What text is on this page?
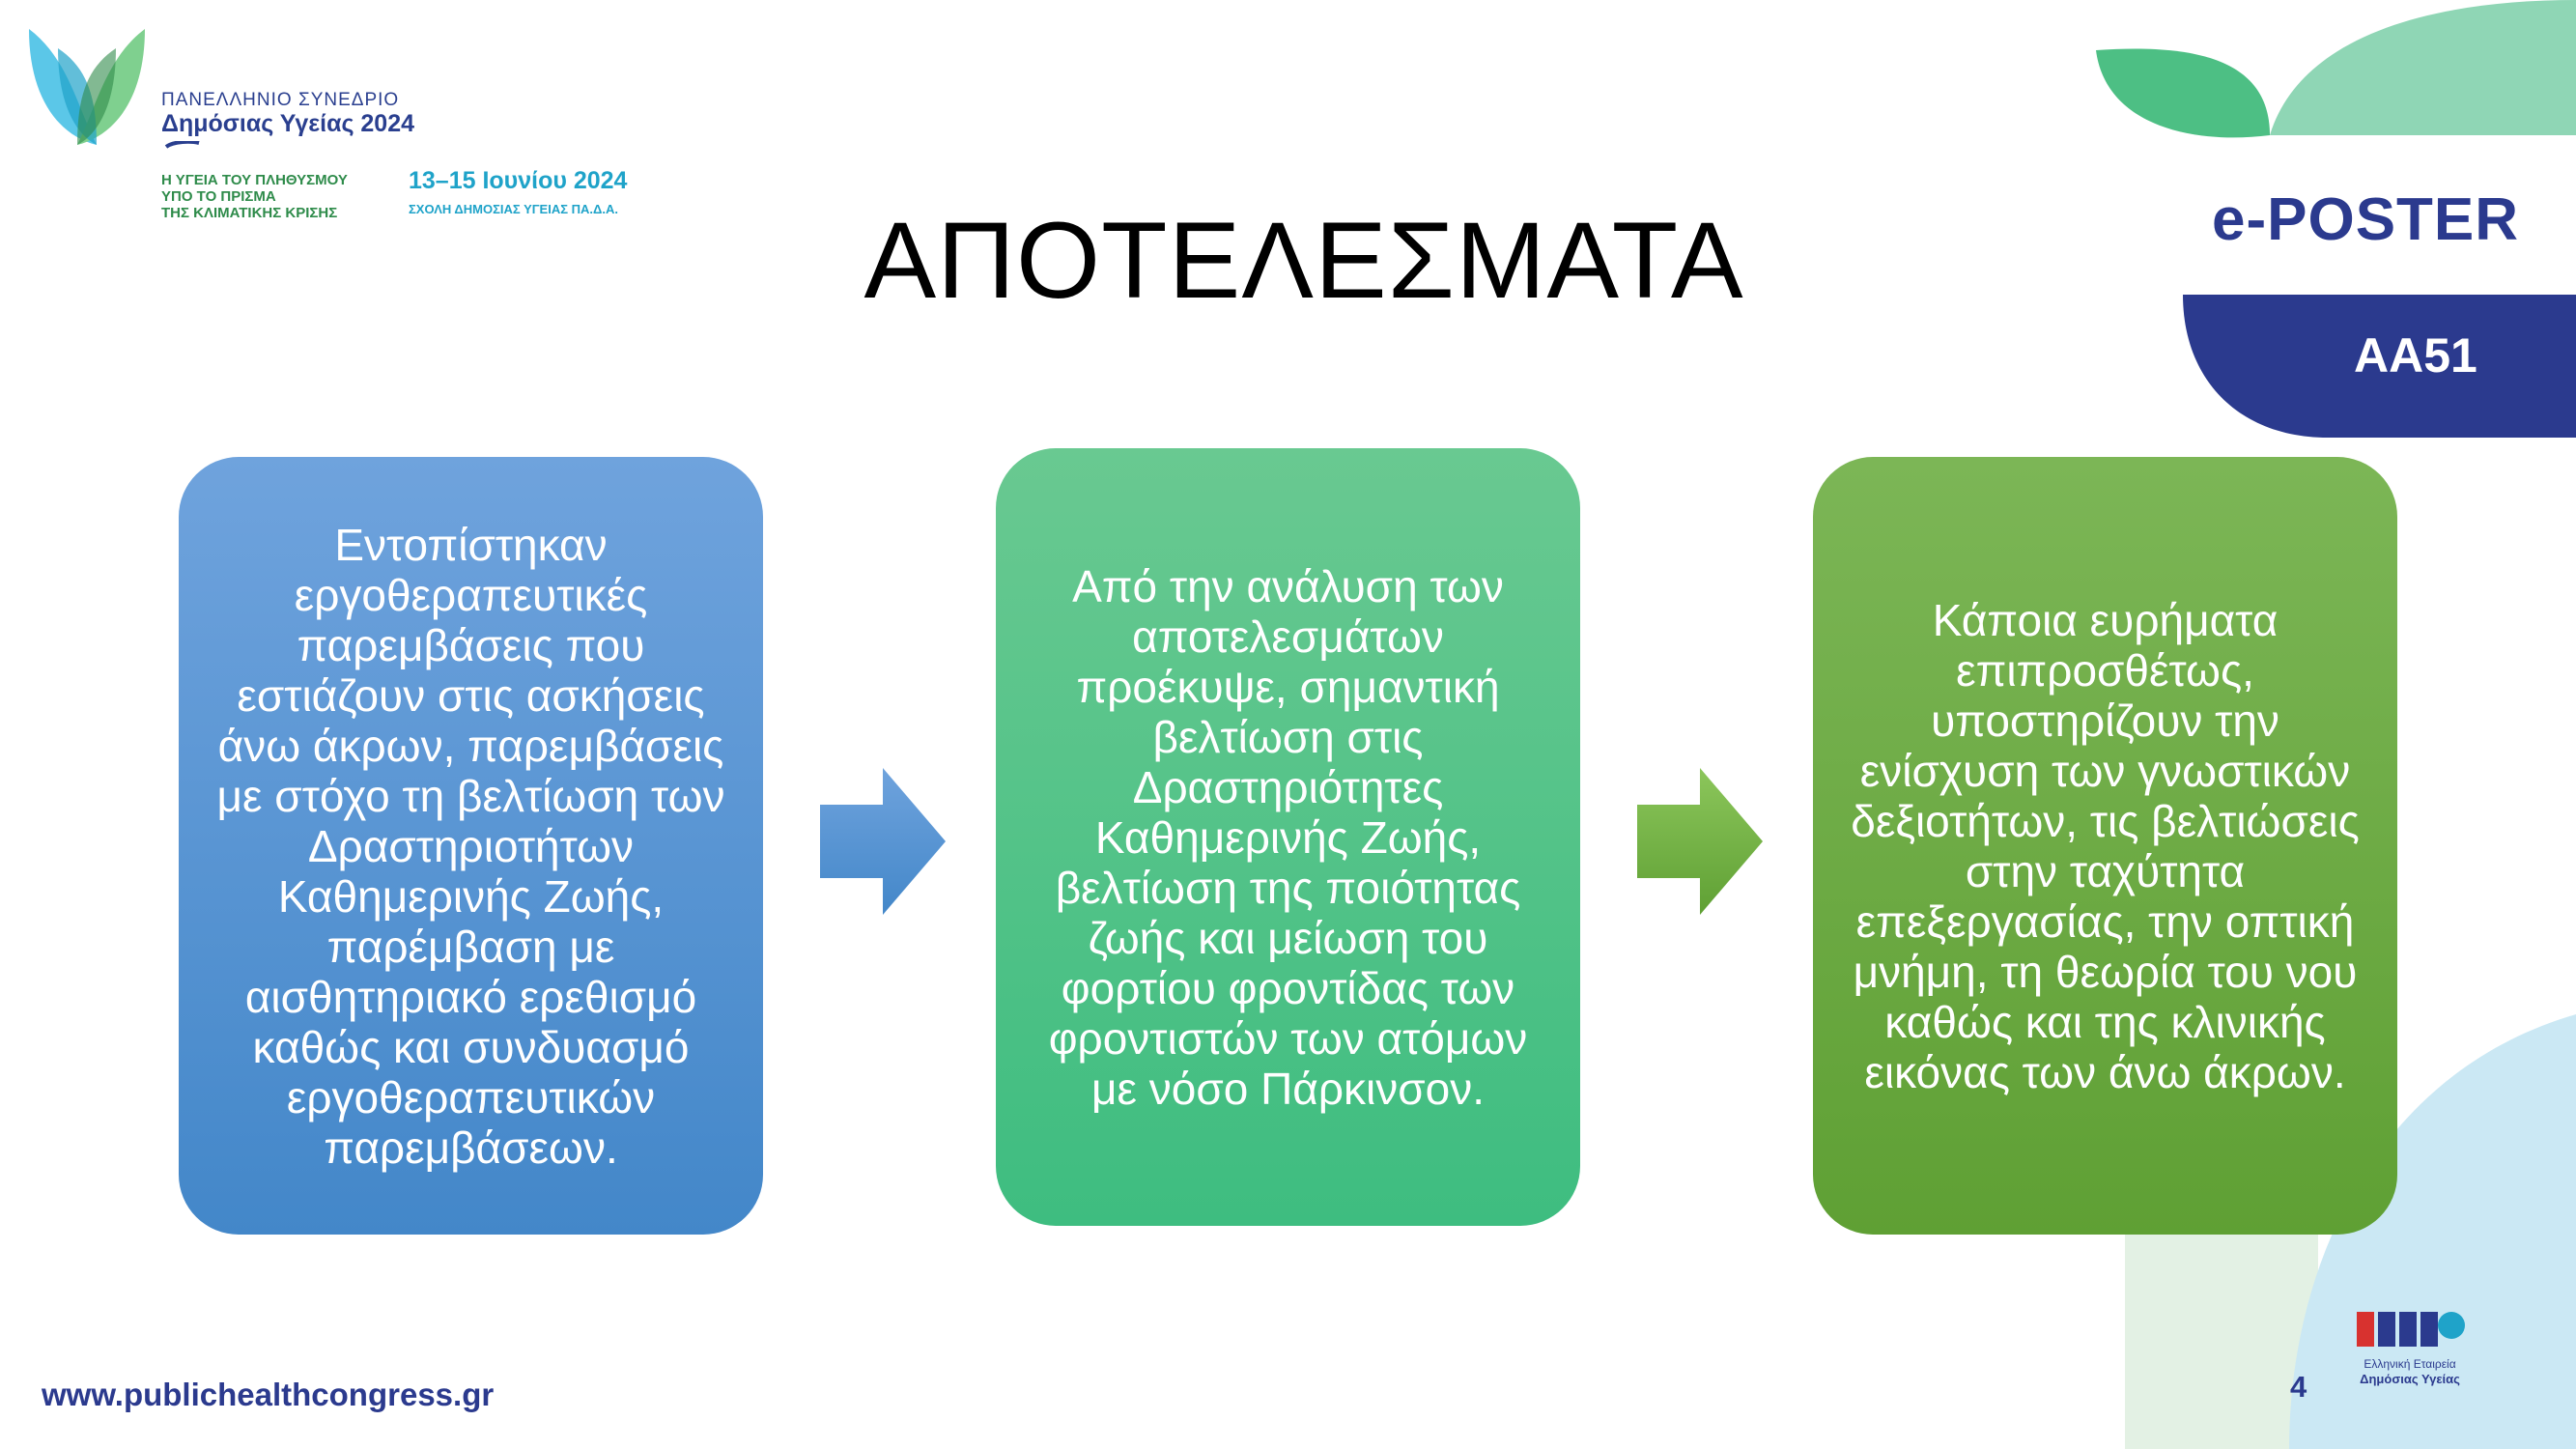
ΠΑΝΕΛΛΗΝΙΟ ΣΥΝΕΔΡΙΟ
Δημόσιας Υγείας 2024
Η ΥΓΕΙΑ ΤΟΥ ΠΛΗΘΥΣΜΟΥ
ΥΠΟ ΤΟ ΠΡΙΣΜΑ
ΤΗΣ ΚΛΙΜΑΤΙΚΗΣ ΚΡΙΣΗΣ
13–15 Ιουνίου 2024
ΣΧΟΛΗ ΔΗΜΟΣΙΑΣ ΥΓΕΙΑΣ ΠΑ.Δ.Α.	ΑΠΟΤΕΛΕΣΜΑΤΑ	e-POSTER
AA51
Εντοπίστηκαν εργοθεραπευτικές παρεμβάσεις που εστιάζουν στις ασκήσεις άνω άκρων, παρεμβάσεις με στόχο τη βελτίωση των Δραστηριοτήτων Καθημερινής Ζωής, παρέμβαση με αισθητηριακό ερεθισμό καθώς και συνδυασμό εργοθεραπευτικών παρεμβάσεων.
Από την ανάλυση των αποτελεσμάτων προέκυψε, σημαντική βελτίωση στις Δραστηριότητες Καθημερινής Ζωής, βελτίωση της ποιότητας ζωής και μείωση του φορτίου φροντίδας των φροντιστών των ατόμων με νόσο Πάρκινσον.
Κάποια ευρήματα επιπροσθέτως, υποστηρίζουν την ενίσχυση των γνωστικών δεξιοτήτων, τις βελτιώσεις στην ταχύτητα επεξεργασίας, την οπτική μνήμη, τη θεωρία του νου καθώς και της κλινικής εικόνας των άνω άκρων.
www.publichealthcongress.gr	4
Ελληνική Εταιρεία
Δημόσιας Υγείας
